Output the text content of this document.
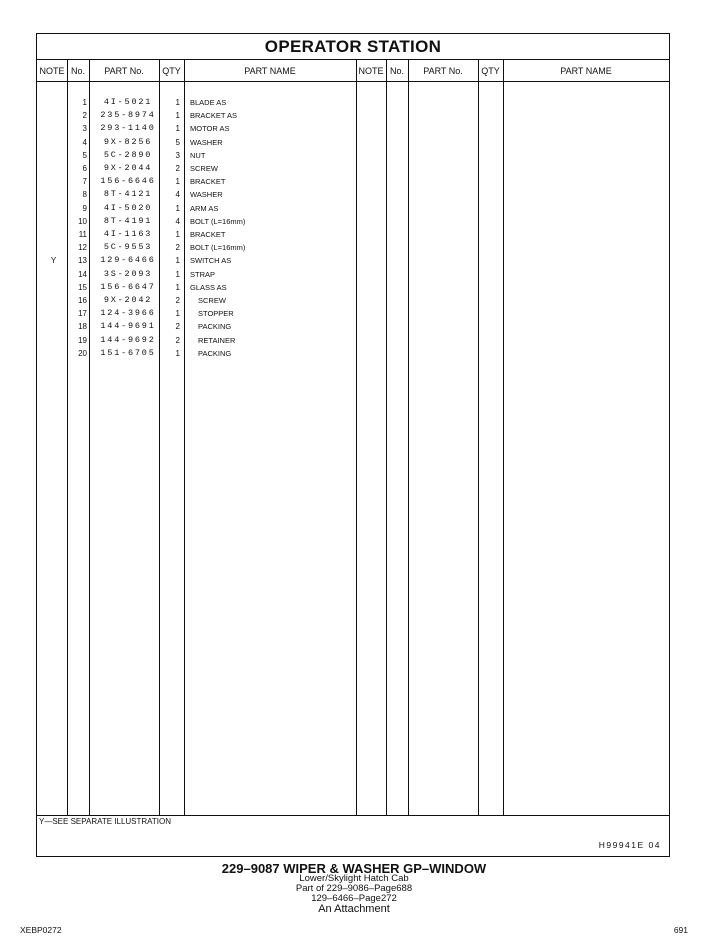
OPERATOR STATION
NOTE No.	PART No.	QTY	PART NAME	NOTE No.	PART No.	QTY	PART NAME
1	4I-5021	1 BLADE AS
2	235-8974	1 BRACKET AS
3	293-1140	1 MOTOR AS
4	9X-8256	5 WASHER
5	5C-2890	3 NUT
6	9X-2044	2 SCREW
7	156-6646	1 BRACKET
8	8T-4121	4 WASHER
9	4I-5020	1 ARM AS
10	8T-4191	4 BOLT (L=16mm)
11	4I-1163	1 BRACKET
12	5C-9553	2 BOLT (L=16mm)
Y	13	129-6466	1 SWITCH AS
14	3S-2093	1 STRAP
15	156-6647	1 GLASS AS
16	9X-2042	2 SCREW
17	124-3966	1 STOPPER
18	144-9691	2 PACKING
19	144-9692	2 RETAINER
20	151-6705	1 PACKING
Y—SEE SEPARATE ILLUSTRATION
H99941E 04
229–9087 WIPER & WASHER GP–WINDOW
Lower/Skylight Hatch Cab
Part of 229–9086–Page688
129–6466–Page272
An Attachment
XEBP0272	691
